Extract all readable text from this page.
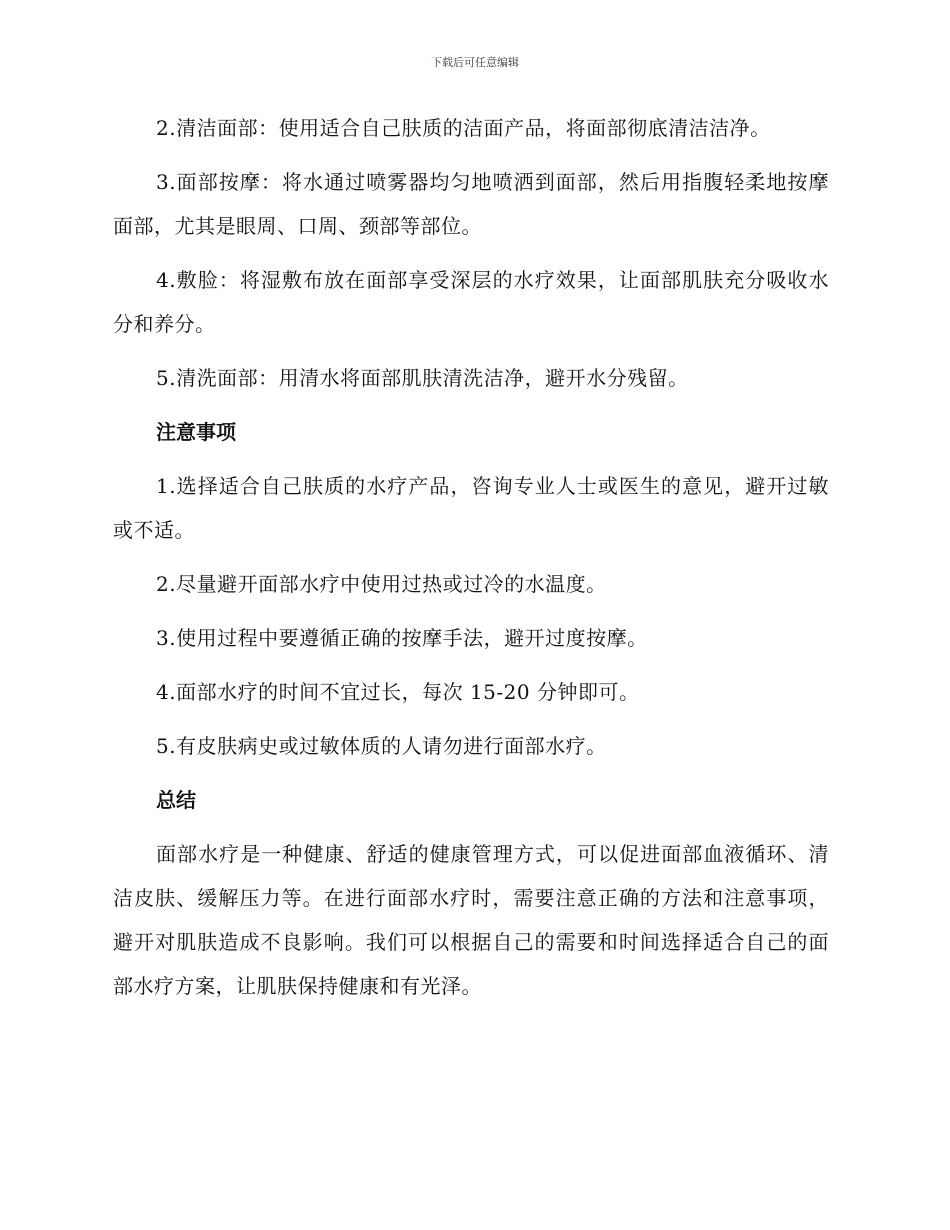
下载后可任意编辑

2.清洁面部：使用适合自己肤质的洁面产品，将面部彻底清洁洁净。

3.面部按摩：将水通过喷雾器均匀地喷洒到面部，然后用指腹轻柔地按摩面部，尤其是眼周、口周、颈部等部位。

4.敷脸：将湿敷布放在面部享受深层的水疗效果，让面部肌肤充分吸收水分和养分。

5.清洗面部：用清水将面部肌肤清洗洁净，避开水分残留。

注意事项

1.选择适合自己肤质的水疗产品，咨询专业人士或医生的意见，避开过敏或不适。

2.尽量避开面部水疗中使用过热或过冷的水温度。

3.使用过程中要遵循正确的按摩手法，避开过度按摩。

4.面部水疗的时间不宜过长，每次 15-20 分钟即可。

5.有皮肤病史或过敏体质的人请勿进行面部水疗。

总结

面部水疗是一种健康、舒适的健康管理方式，可以促进面部血液循环、清洁皮肤、缓解压力等。在进行面部水疗时，需要注意正确的方法和注意事项，避开对肌肤造成不良影响。我们可以根据自己的需要和时间选择适合自己的面部水疗方案，让肌肤保持健康和有光泽。
